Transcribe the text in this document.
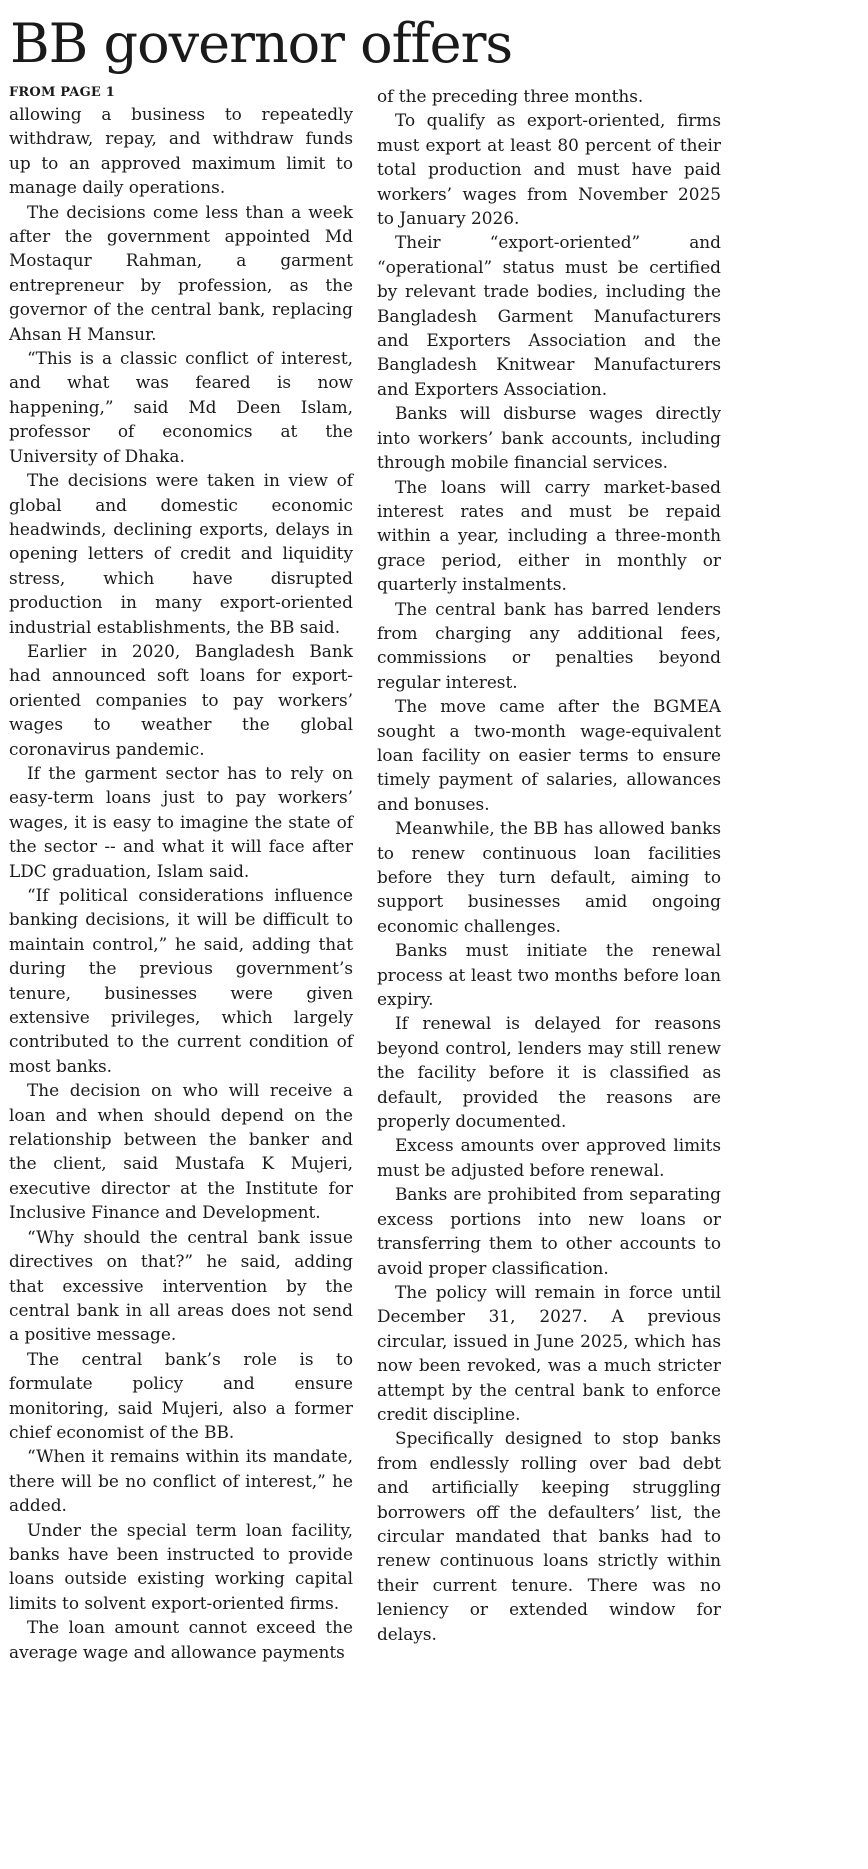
BB governor offers

FROM PAGE 1

allowing a business to repeatedly withdraw, repay, and withdraw funds up to an approved maximum limit to manage daily operations.

The decisions come less than a week after the government appointed Md Mostaqur Rahman, a garment entrepreneur by profession, as the governor of the central bank, replacing Ahsan H Mansur.

“This is a classic conflict of interest, and what was feared is now happening,” said Md Deen Islam, professor of economics at the University of Dhaka.

The decisions were taken in view of global and domestic economic headwinds, declining exports, delays in opening letters of credit and liquidity stress, which have disrupted production in many export-oriented industrial establishments, the BB said.

Earlier in 2020, Bangladesh Bank had announced soft loans for export-oriented companies to pay workers’ wages to weather the global coronavirus pandemic.

If the garment sector has to rely on easy-term loans just to pay workers’ wages, it is easy to imagine the state of the sector -- and what it will face after LDC graduation, Islam said.

“If political considerations influence banking decisions, it will be difficult to maintain control,” he said, adding that during the previous government’s tenure, businesses were given extensive privileges, which largely contributed to the current condition of most banks.

The decision on who will receive a loan and when should depend on the relationship between the banker and the client, said Mustafa K Mujeri, executive director at the Institute for Inclusive Finance and Development.

“Why should the central bank issue directives on that?” he said, adding that excessive intervention by the central bank in all areas does not send a positive message.

The central bank’s role is to formulate policy and ensure monitoring, said Mujeri, also a former chief economist of the BB.

“When it remains within its mandate, there will be no conflict of interest,” he added.

Under the special term loan facility, banks have been instructed to provide loans outside existing working capital limits to solvent export-oriented firms.

The loan amount cannot exceed the average wage and allowance payments

of the preceding three months.

To qualify as export-oriented, firms must export at least 80 percent of their total production and must have paid workers’ wages from November 2025 to January 2026.

Their “export-oriented” and “operational” status must be certified by relevant trade bodies, including the Bangladesh Garment Manufacturers and Exporters Association and the Bangladesh Knitwear Manufacturers and Exporters Association.

Banks will disburse wages directly into workers’ bank accounts, including through mobile financial services.

The loans will carry market-based interest rates and must be repaid within a year, including a three-month grace period, either in monthly or quarterly instalments.

The central bank has barred lenders from charging any additional fees, commissions or penalties beyond regular interest.

The move came after the BGMEA sought a two-month wage-equivalent loan facility on easier terms to ensure timely payment of salaries, allowances and bonuses.

Meanwhile, the BB has allowed banks to renew continuous loan facilities before they turn default, aiming to support businesses amid ongoing economic challenges.

Banks must initiate the renewal process at least two months before loan expiry.

If renewal is delayed for reasons beyond control, lenders may still renew the facility before it is classified as default, provided the reasons are properly documented.

Excess amounts over approved limits must be adjusted before renewal.

Banks are prohibited from separating excess portions into new loans or transferring them to other accounts to avoid proper classification.

The policy will remain in force until December 31, 2027. A previous circular, issued in June 2025, which has now been revoked, was a much stricter attempt by the central bank to enforce credit discipline.

Specifically designed to stop banks from endlessly rolling over bad debt and artificially keeping struggling borrowers off the defaulters’ list, the circular mandated that banks had to renew continuous loans strictly within their current tenure. There was no leniency or extended window for delays.
